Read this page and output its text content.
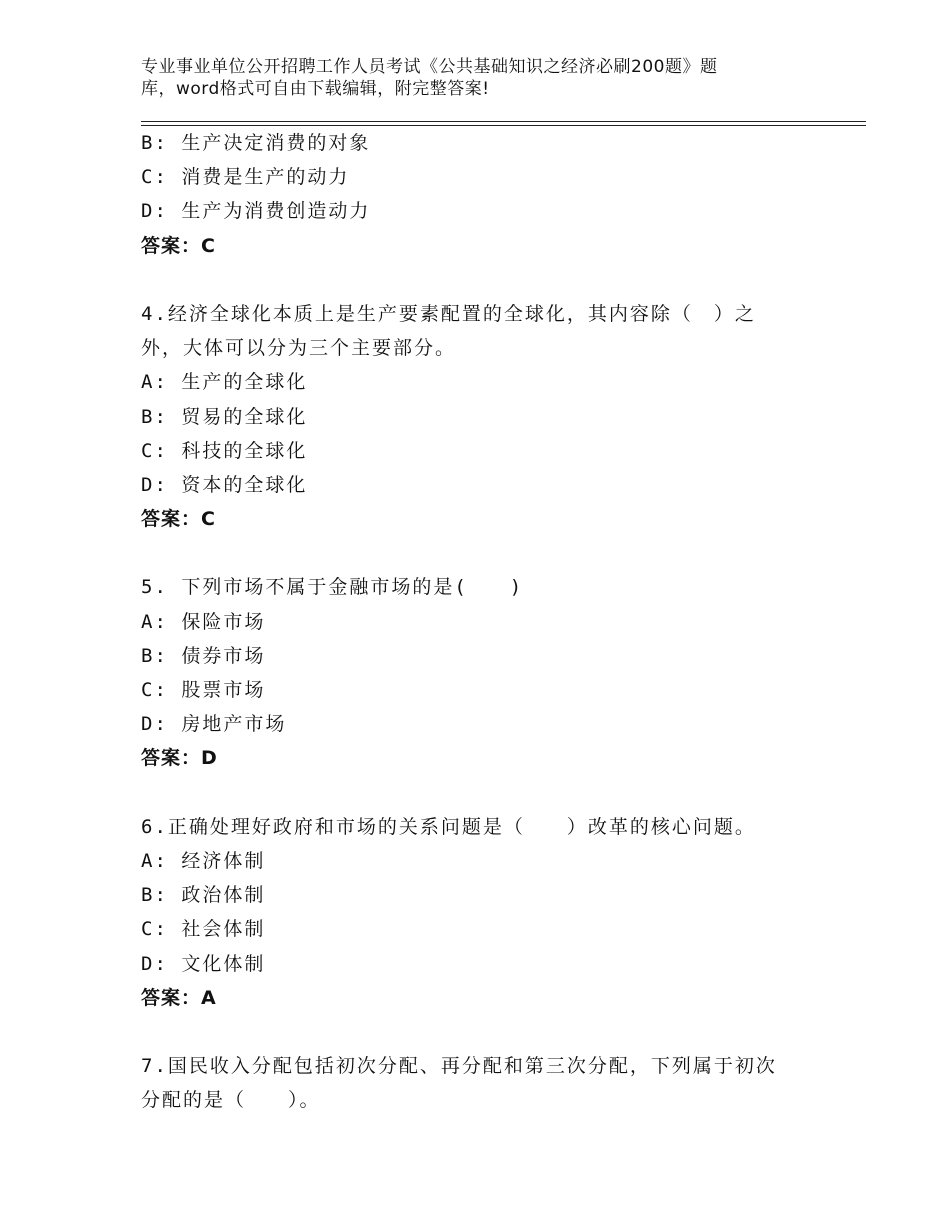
专业事业单位公开招聘工作人员考试《公共基础知识之经济必刷200题》题
库，word格式可自由下载编辑，附完整答案!
B: 生产决定消费的对象
C: 消费是生产的动力
D: 生产为消费创造动力
答案：C
4.经济全球化本质上是生产要素配置的全球化，其内容除（　）之
外，大体可以分为三个主要部分。
A: 生产的全球化
B: 贸易的全球化
C: 科技的全球化
D: 资本的全球化
答案：C
5. 下列市场不属于金融市场的是(　　)
A: 保险市场
B: 债券市场
C: 股票市场
D: 房地产市场
答案：D
6.正确处理好政府和市场的关系问题是（　　）改革的核心问题。
A: 经济体制
B: 政治体制
C: 社会体制
D: 文化体制
答案：A
7.国民收入分配包括初次分配、再分配和第三次分配，下列属于初次
分配的是（　　）。
